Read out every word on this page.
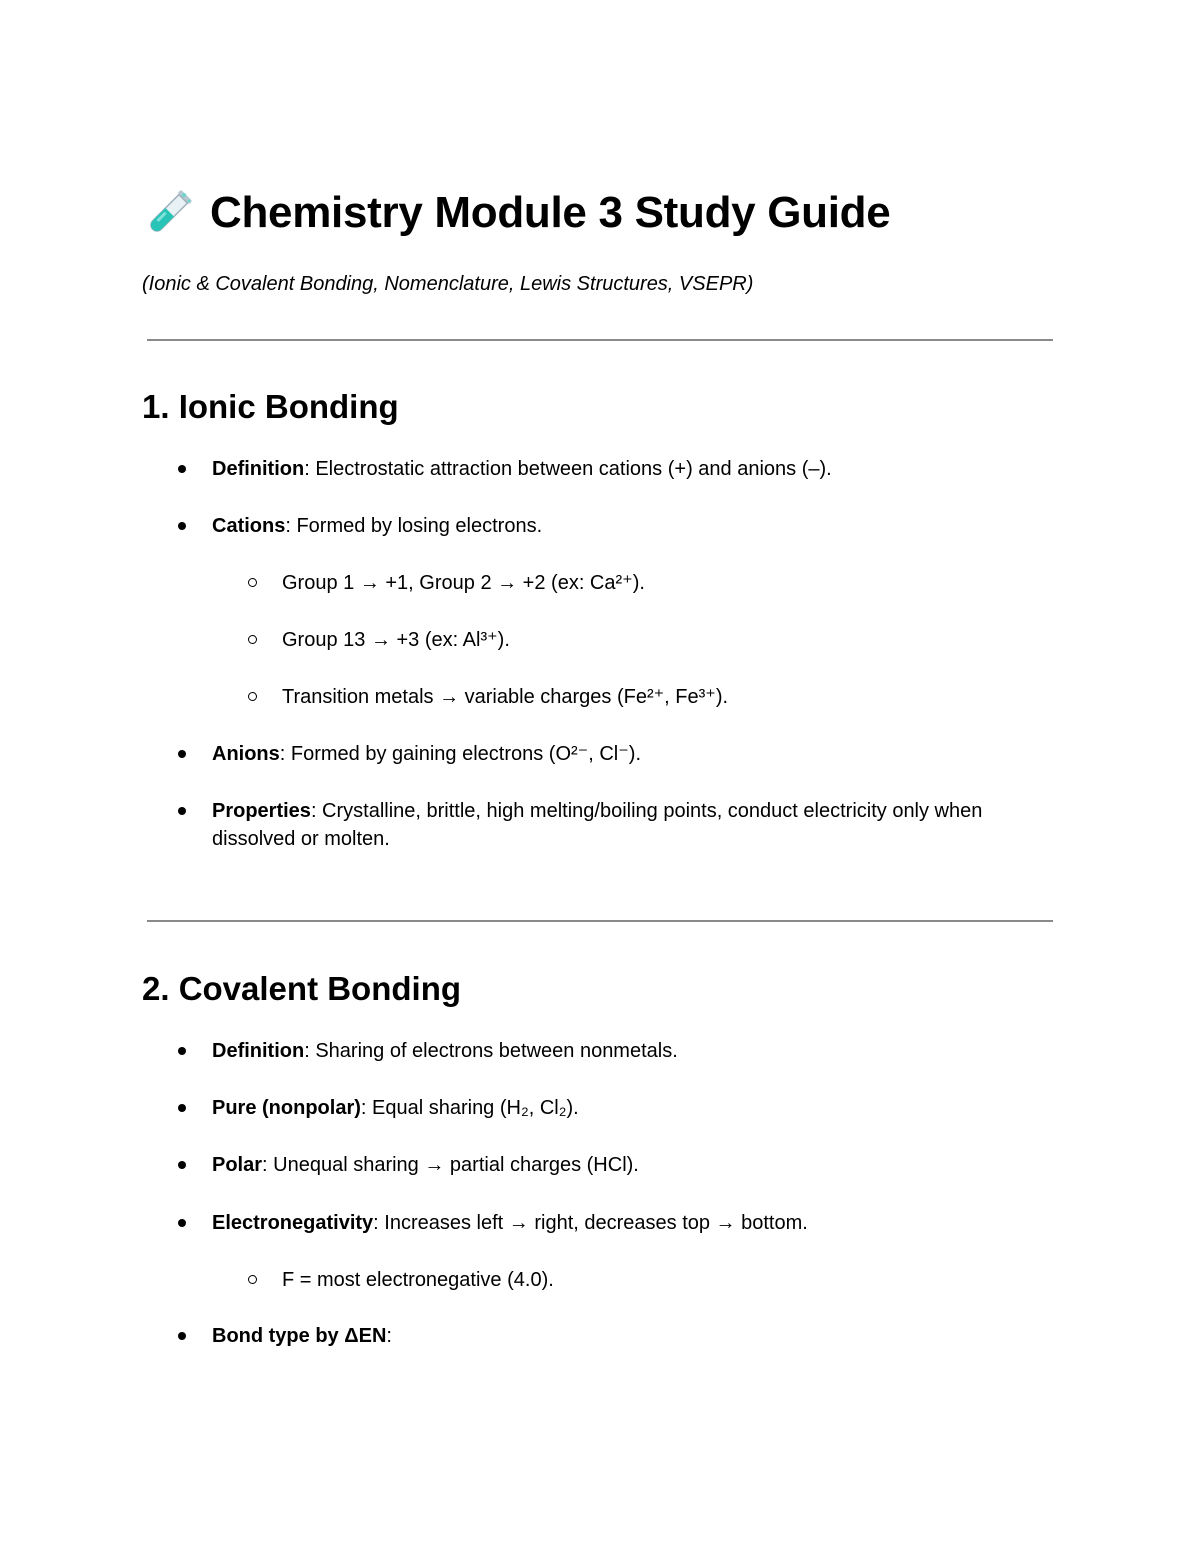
Chemistry Module 3 Study Guide
(Ionic & Covalent Bonding, Nomenclature, Lewis Structures, VSEPR)
1. Ionic Bonding
Definition: Electrostatic attraction between cations (+) and anions (–).
Cations: Formed by losing electrons.
Group 1 → +1, Group 2 → +2 (ex: Ca²⁺).
Group 13 → +3 (ex: Al³⁺).
Transition metals → variable charges (Fe²⁺, Fe³⁺).
Anions: Formed by gaining electrons (O²⁻, Cl⁻).
Properties: Crystalline, brittle, high melting/boiling points, conduct electricity only when dissolved or molten.
2. Covalent Bonding
Definition: Sharing of electrons between nonmetals.
Pure (nonpolar): Equal sharing (H₂, Cl₂).
Polar: Unequal sharing → partial charges (HCl).
Electronegativity: Increases left → right, decreases top → bottom.
F = most electronegative (4.0).
Bond type by ΔEN:
